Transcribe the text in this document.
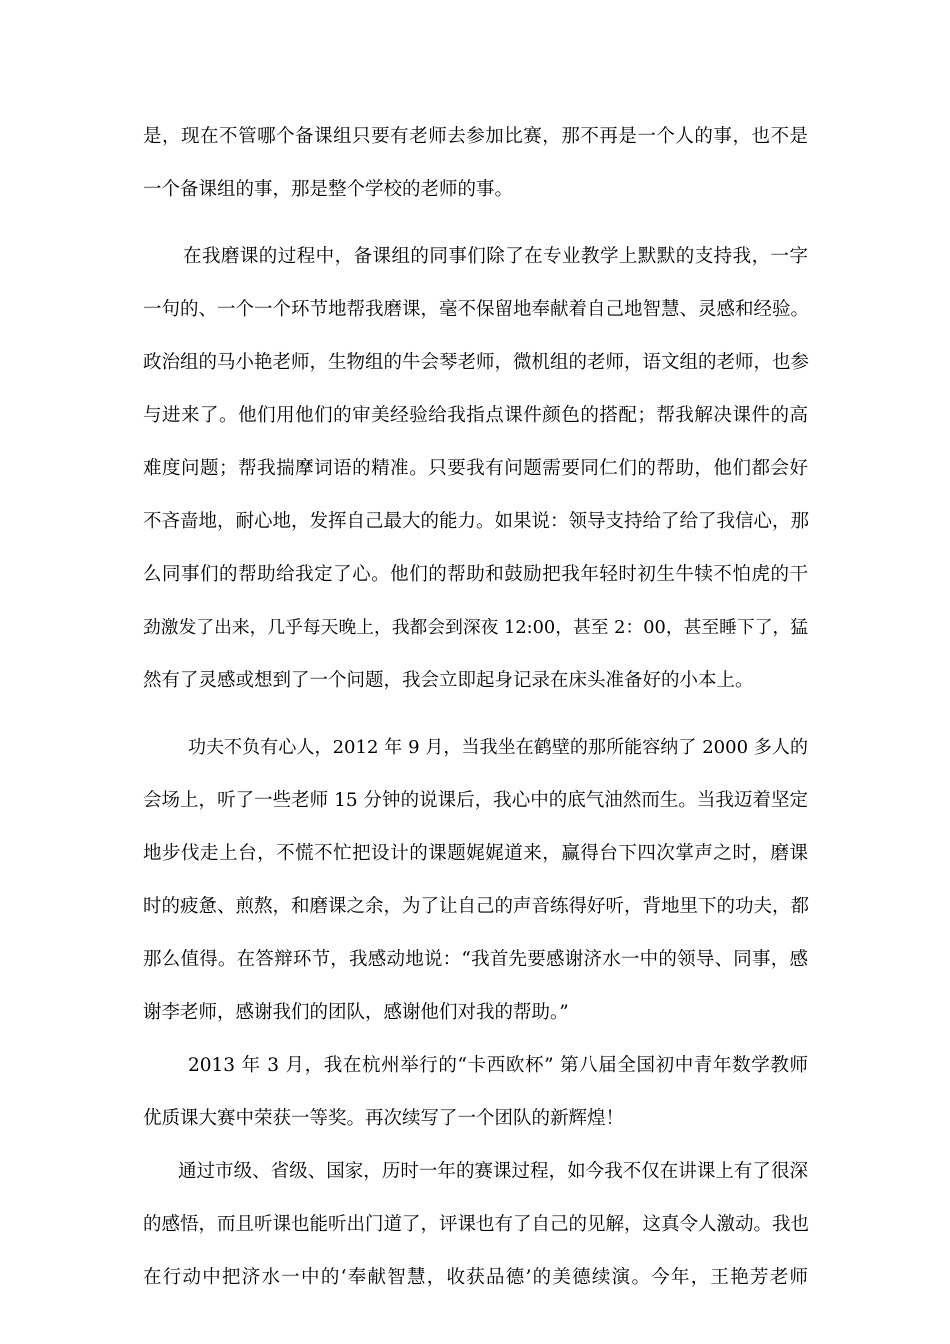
是，现在不管哪个备课组只要有老师去参加比赛，那不再是一个人的事，也不是
一个备课组的事，那是整个学校的老师的事。
在我磨课的过程中，备课组的同事们除了在专业教学上默默的支持我，一字
一句的、一个一个环节地帮我磨课，毫不保留地奉献着自己地智慧、灵感和经验。
政治组的马小艳老师，生物组的牛会琴老师，微机组的老师，语文组的老师，也参
与进来了。他们用他们的审美经验给我指点课件颜色的搭配；帮我解决课件的高
难度问题；帮我揣摩词语的精准。只要我有问题需要同仁们的帮助，他们都会好
不吝啬地，耐心地，发挥自己最大的能力。如果说：领导支持给了给了我信心，那
么同事们的帮助给我定了心。他们的帮助和鼓励把我年轻时初生牛犊不怕虎的干
劲激发了出来，几乎每天晚上，我都会到深夜 12:00，甚至 2：00，甚至睡下了，猛
然有了灵感或想到了一个问题，我会立即起身记录在床头准备好的小本上。
功夫不负有心人，2012 年 9 月，当我坐在鹤壁的那所能容纳了 2000 多人的
会场上，听了一些老师 15 分钟的说课后，我心中的底气油然而生。当我迈着坚定
地步伐走上台，不慌不忙把设计的课题娓娓道来，赢得台下四次掌声之时，磨课
时的疲惫、煎熬，和磨课之余，为了让自己的声音练得好听，背地里下的功夫，都
那么值得。在答辩环节，我感动地说：“我首先要感谢济水一中的领导、同事，感
谢李老师，感谢我们的团队，感谢他们对我的帮助。”
2013 年 3 月，我在杭州举行的“卡西欧杯” 第八届全国初中青年数学教师
优质课大赛中荣获一等奖。再次续写了一个团队的新辉煌！
通过市级、省级、国家，历时一年的赛课过程，如今我不仅在讲课上有了很深
的感悟，而且听课也能听出门道了，评课也有了自己的见解，这真令人激动。我也
在行动中把济水一中的‘奉献智慧，收获品德’的美德续演。今年，王艳芳老师
